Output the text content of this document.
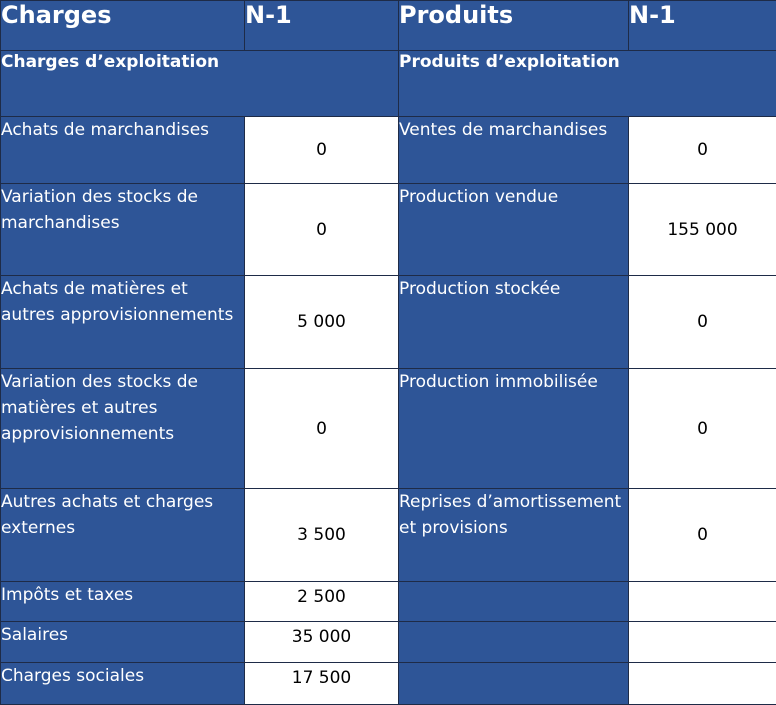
Charges	N-1	Produits	N-1
Charges d’exploitation		Produits d’exploitation	
Achats de marchandises	0	Ventes de marchandises	0
Variation des stocks de marchandises	0	Production vendue	155 000
Achats de matières et autres approvisionnements	5 000	Production stockée	0
Variation des stocks de matières et autres approvisionnements	0	Production immobilisée	0
Autres achats et charges externes	3 500	Reprises d’amortissement et provisions	0
Impôts et taxes	2 500		
Salaires	35 000		
Charges sociales	17 500		
